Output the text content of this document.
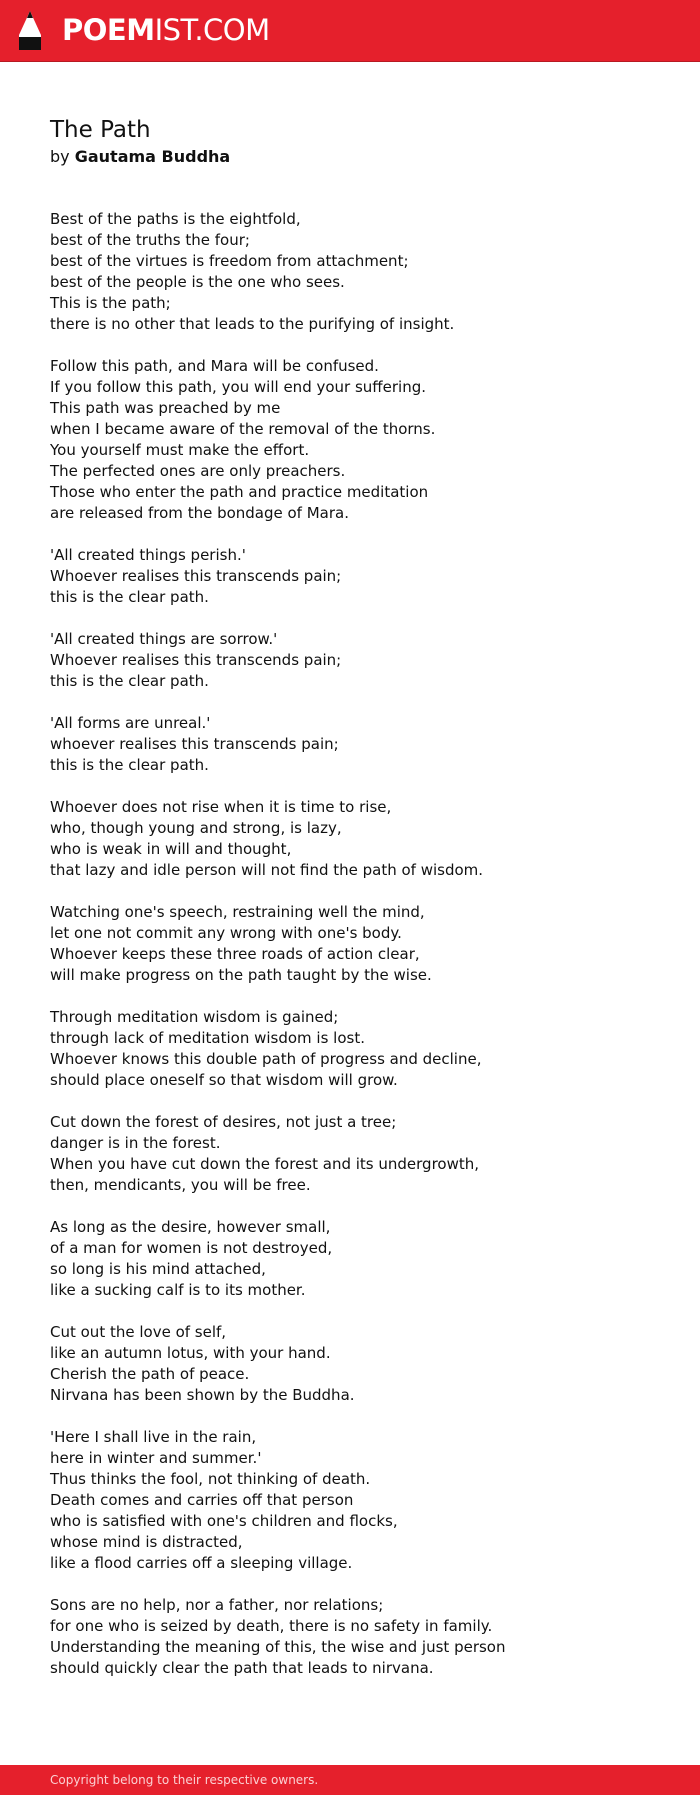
POEMIST.COM
The Path

by Gautama Buddha

Best of the paths is the eightfold,
best of the truths the four;
best of the virtues is freedom from attachment;
best of the people is the one who sees.
This is the path;
there is no other that leads to the purifying of insight.
Follow this path, and Mara will be confused.
If you follow this path, you will end your suffering.
This path was preached by me
when I became aware of the removal of the thorns.
You yourself must make the effort.
The perfected ones are only preachers.
Those who enter the path and practice meditation
are released from the bondage of Mara.
'All created things perish.'
Whoever realises this transcends pain;
this is the clear path.
'All created things are sorrow.'
Whoever realises this transcends pain;
this is the clear path.
'All forms are unreal.'
whoever realises this transcends pain;
this is the clear path.
Whoever does not rise when it is time to rise,
who, though young and strong, is lazy,
who is weak in will and thought,
that lazy and idle person will not find the path of wisdom.
Watching one's speech, restraining well the mind,
let one not commit any wrong with one's body.
Whoever keeps these three roads of action clear,
will make progress on the path taught by the wise.
Through meditation wisdom is gained;
through lack of meditation wisdom is lost.
Whoever knows this double path of progress and decline,
should place oneself so that wisdom will grow.
Cut down the forest of desires, not just a tree;
danger is in the forest.
When you have cut down the forest and its undergrowth,
then, mendicants, you will be free.
As long as the desire, however small,
of a man for women is not destroyed,
so long is his mind attached,
like a sucking calf is to its mother.
Cut out the love of self,
like an autumn lotus, with your hand.
Cherish the path of peace.
Nirvana has been shown by the Buddha.
'Here I shall live in the rain,
here in winter and summer.'
Thus thinks the fool, not thinking of death.
Death comes and carries off that person
who is satisfied with one's children and flocks,
whose mind is distracted,
like a flood carries off a sleeping village.
Sons are no help, nor a father, nor relations;
for one who is seized by death, there is no safety in family.
Understanding the meaning of this, the wise and just person
should quickly clear the path that leads to nirvana.
Copyright belong to their respective owners.
